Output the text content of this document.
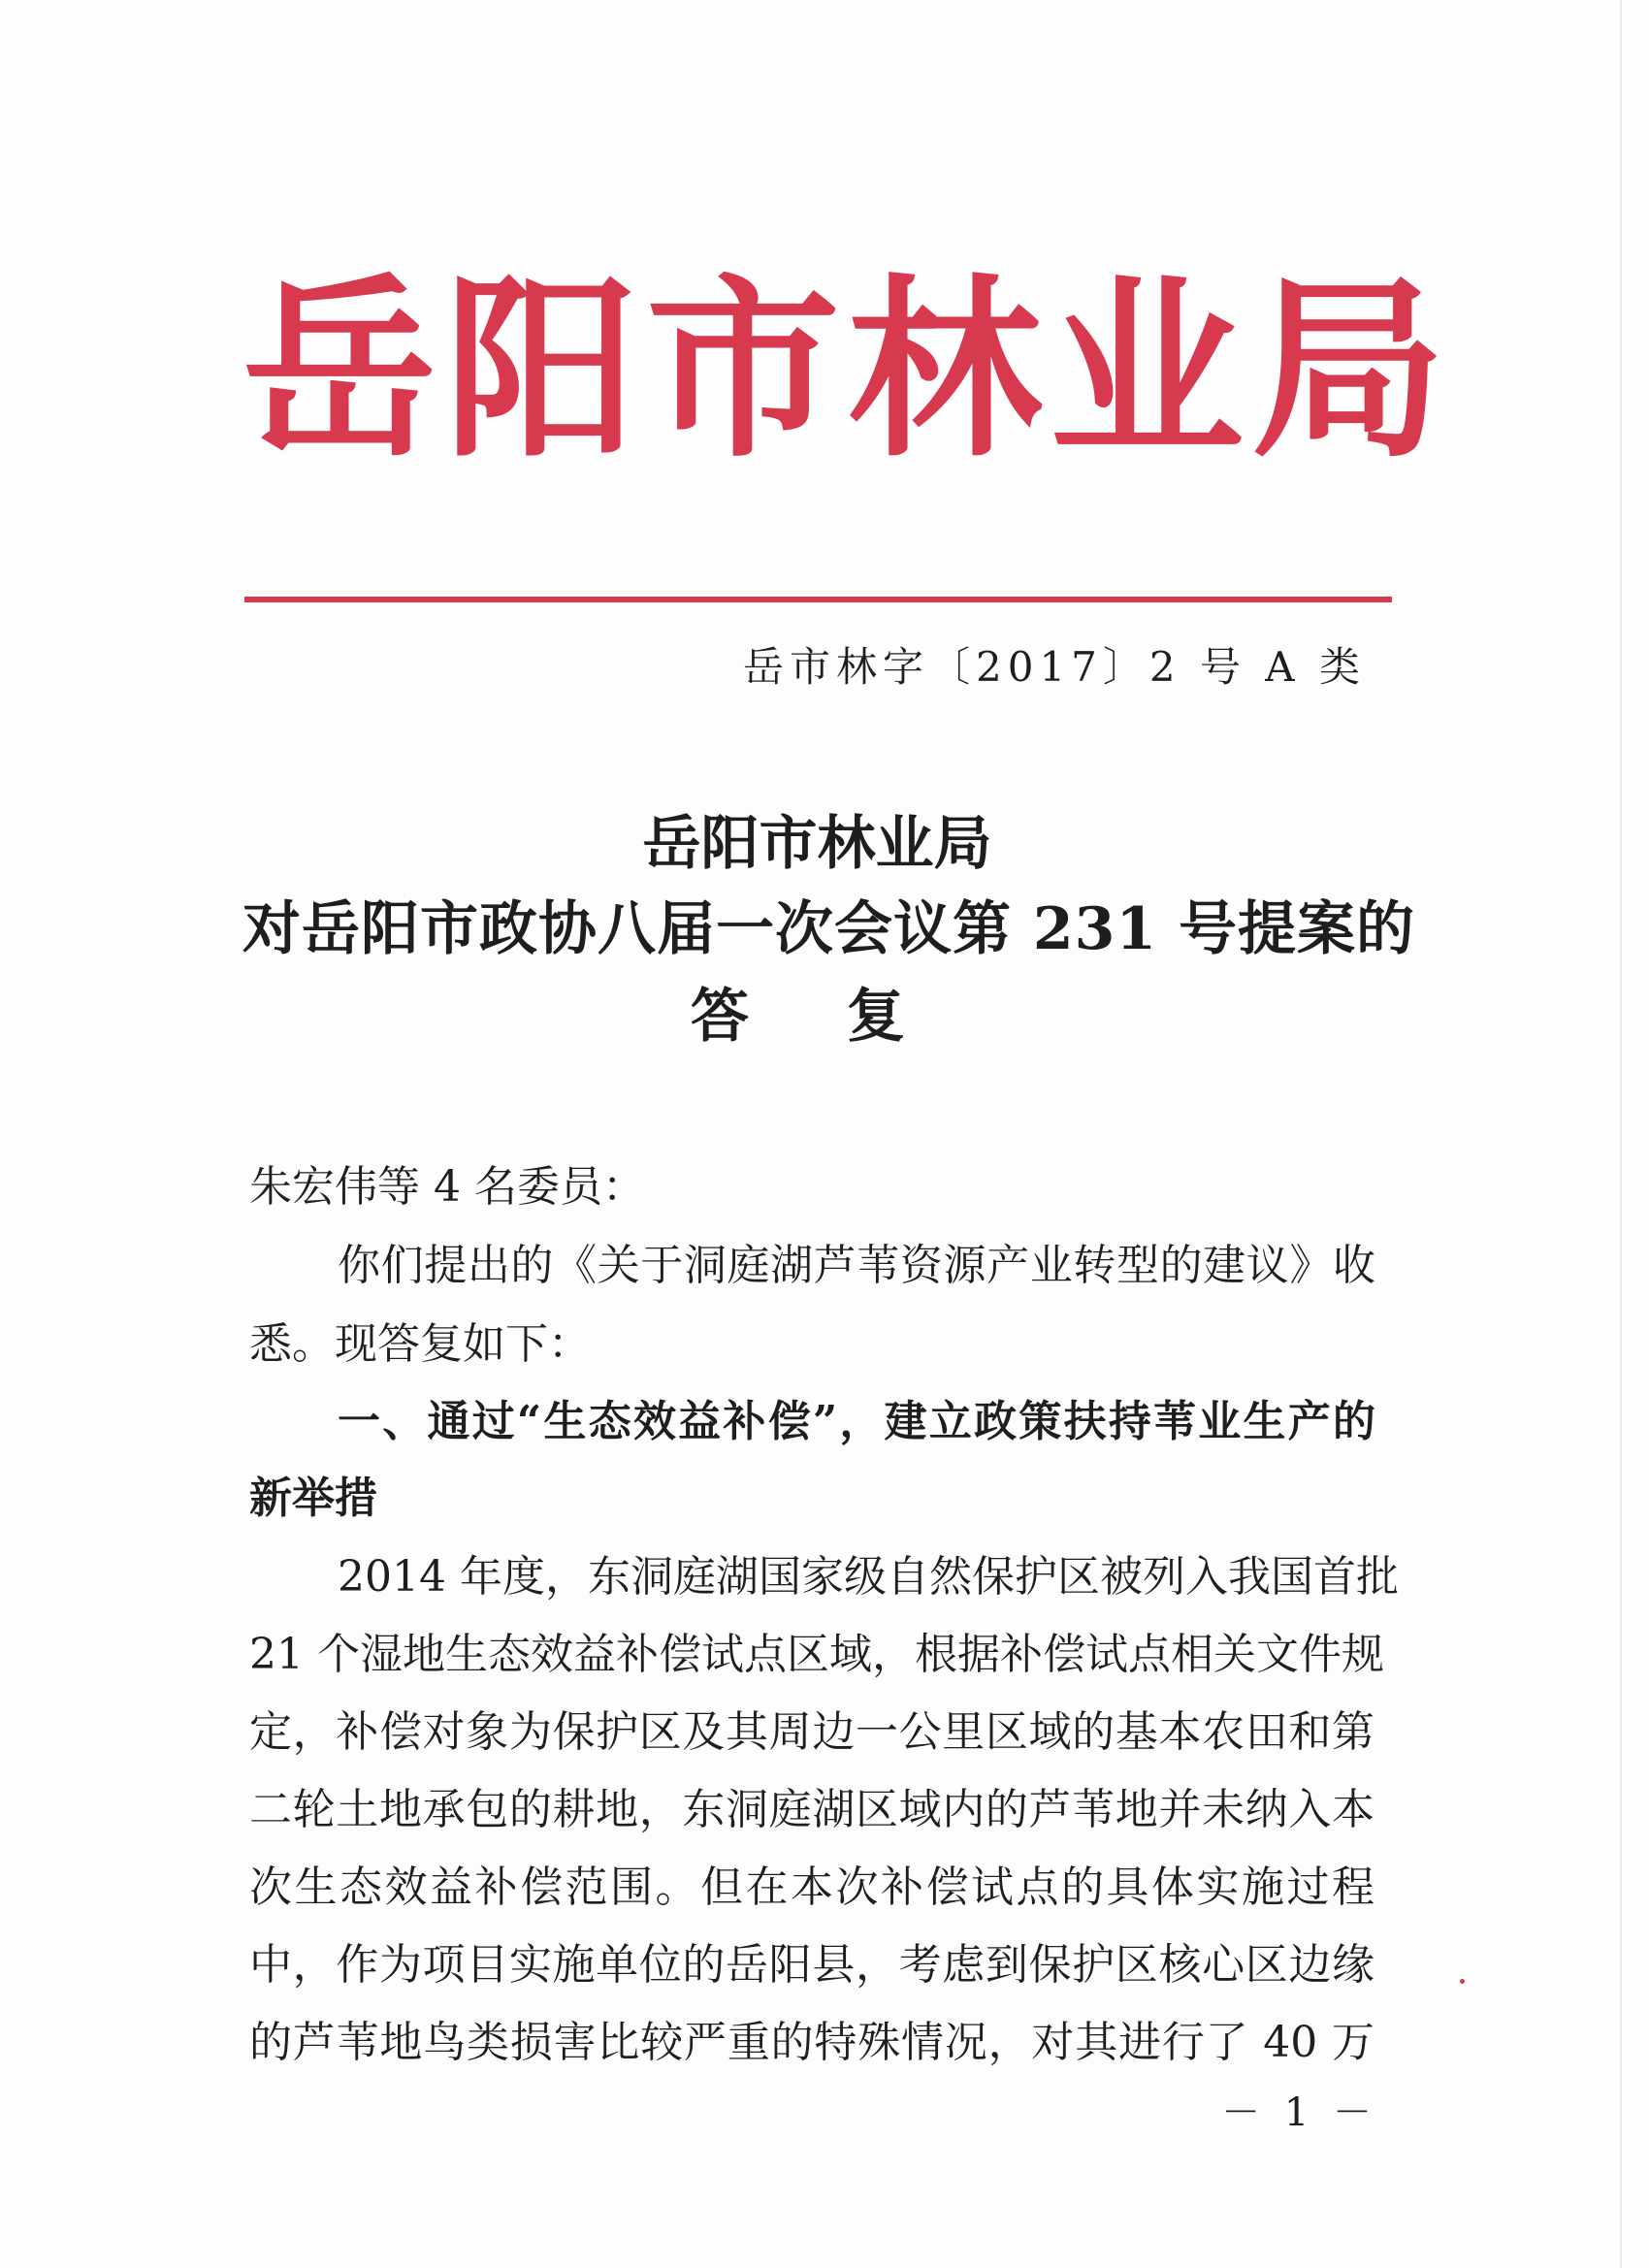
岳阳市林业局
岳市林字〔2017〕2 号 A 类
岳阳市林业局
对岳阳市政协八届一次会议第 231 号提案的
答 复
朱宏伟等 4 名委员：
你们提出的《关于洞庭湖芦苇资源产业转型的建议》收
悉。现答复如下：
一、通过“生态效益补偿”，建立政策扶持苇业生产的
新举措
2014 年度，东洞庭湖国家级自然保护区被列入我国首批
21 个湿地生态效益补偿试点区域，根据补偿试点相关文件规
定，补偿对象为保护区及其周边一公里区域的基本农田和第
二轮土地承包的耕地，东洞庭湖区域内的芦苇地并未纳入本
次生态效益补偿范围。但在本次补偿试点的具体实施过程
中，作为项目实施单位的岳阳县，考虑到保护区核心区边缘
的芦苇地鸟类损害比较严重的特殊情况，对其进行了 40 万
－ 1 －
